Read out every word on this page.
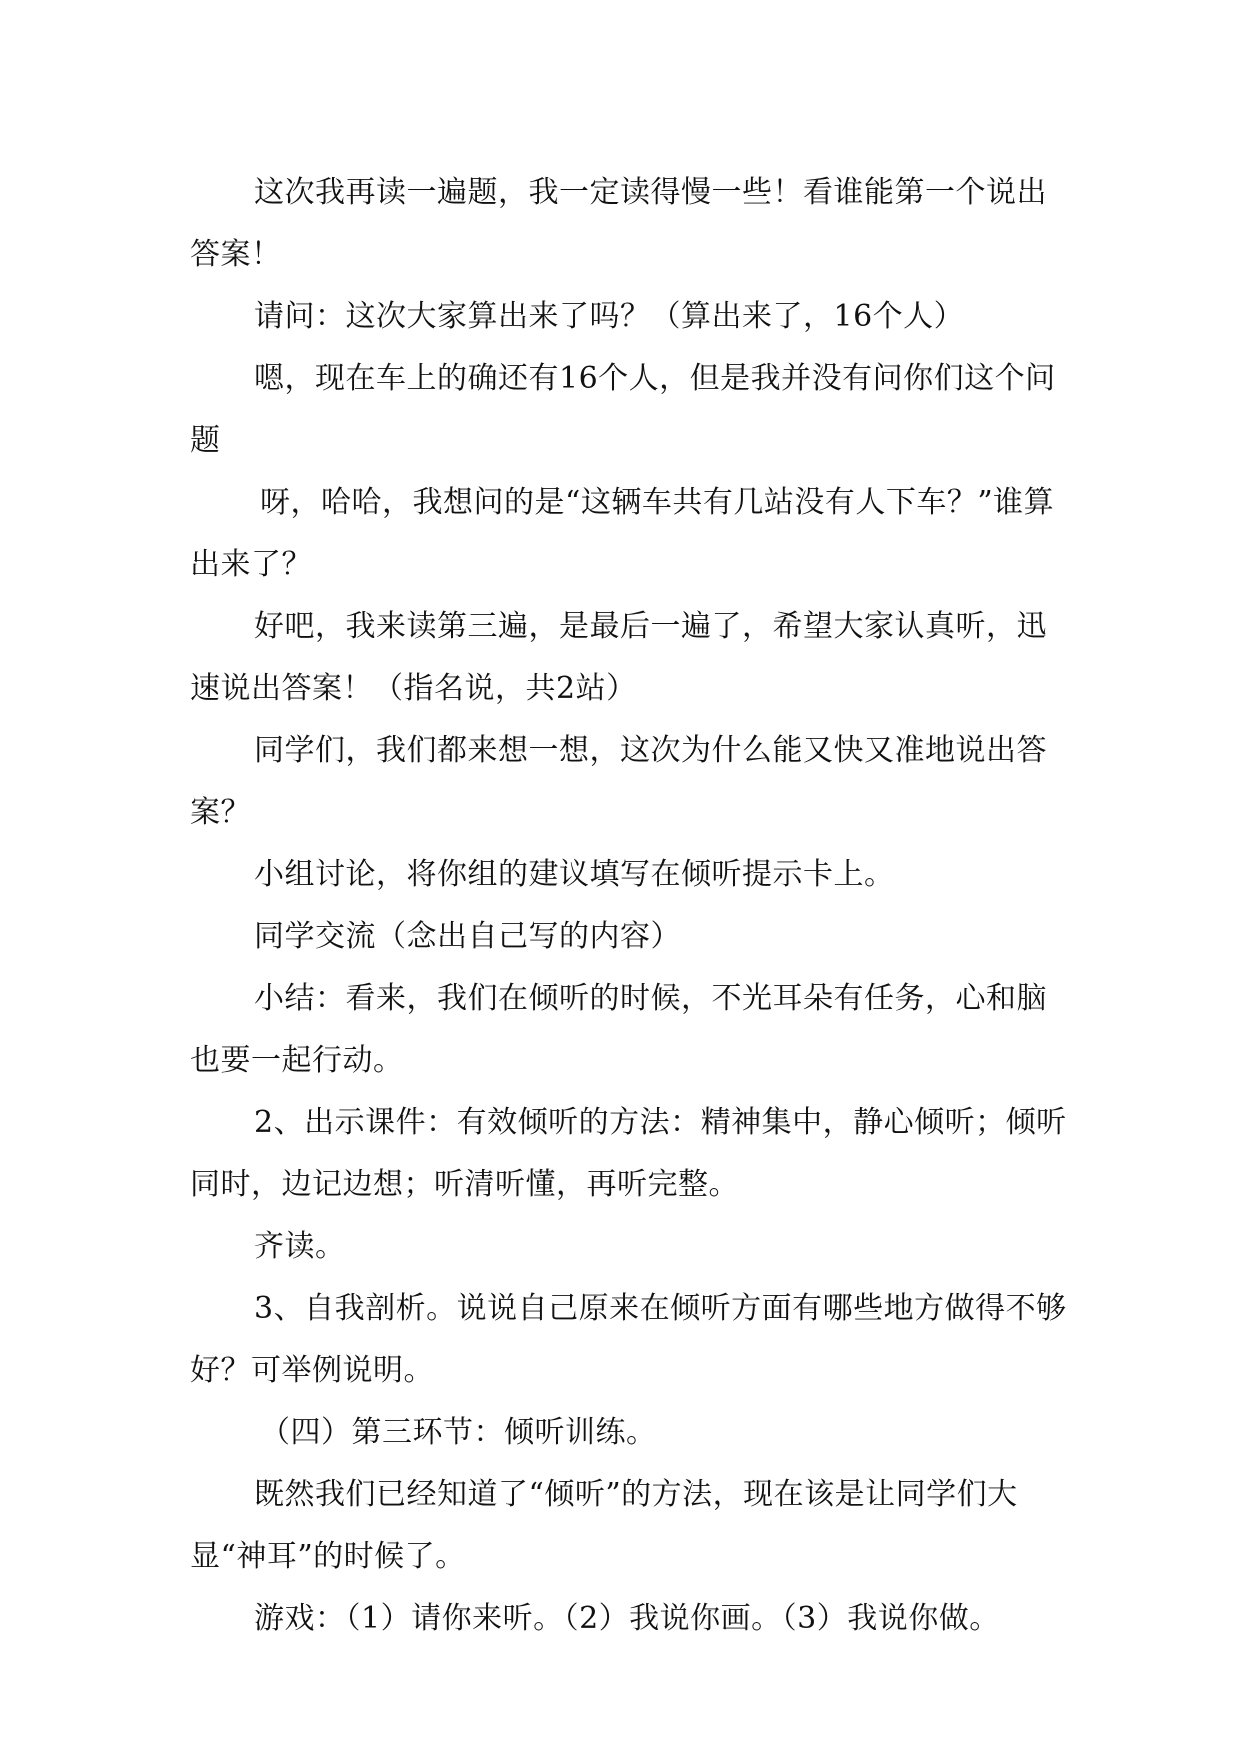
这次我再读一遍题，我一定读得慢一些！看谁能第一个说出答案！

请问：这次大家算出来了吗？（算出来了，16个人）

嗯，现在车上的确还有16个人，但是我并没有问你们这个问题

呀，哈哈，我想问的是“这辆车共有几站没有人下车？”谁算出来了？

好吧，我来读第三遍，是最后一遍了，希望大家认真听，迅速说出答案！（指名说，共2站）

同学们，我们都来想一想，这次为什么能又快又准地说出答案？

小组讨论，将你组的建议填写在倾听提示卡上。

同学交流（念出自己写的内容）

小结：看来，我们在倾听的时候，不光耳朵有任务，心和脑也要一起行动。

2、出示课件：有效倾听的方法：精神集中，静心倾听；倾听同时，边记边想；听清听懂，再听完整。

齐读。

3、自我剖析。说说自己原来在倾听方面有哪些地方做得不够好？可举例说明。

（四）第三环节：倾听训练。

既然我们已经知道了“倾听”的方法，现在该是让同学们大显“神耳”的时候了。

游戏：（1）请你来听。（2）我说你画。（3）我说你做。
